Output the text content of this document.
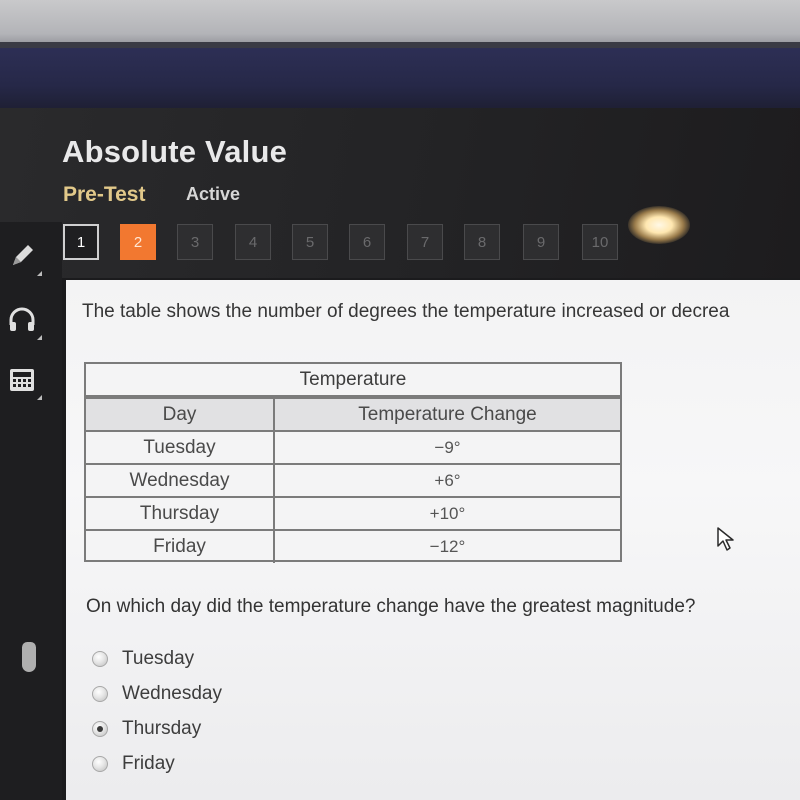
Absolute Value
Pre-Test Active
1	2	3	4	5	6	7	8	9	10
The table shows the number of degrees the temperature increased or decrea
Temperature
Day	Temperature Change
Tuesday	−9°
Wednesday	+6°
Thursday	+10°
Friday	−12°
On which day did the temperature change have the greatest magnitude?
Tuesday
Wednesday
Thursday
Friday
